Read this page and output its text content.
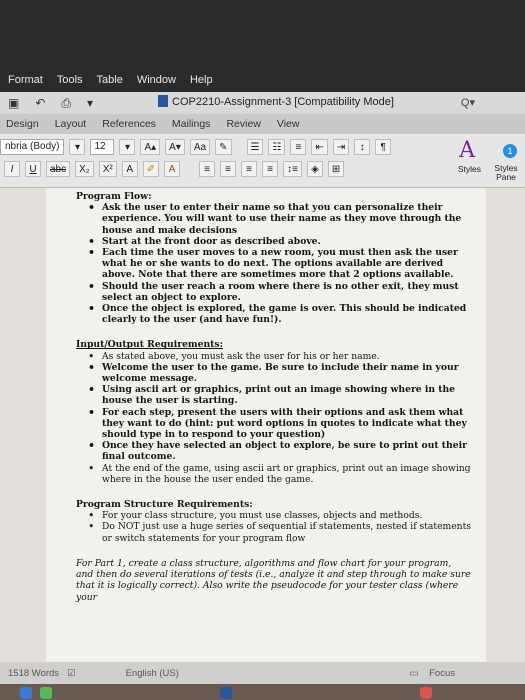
Format Tools Table Window Help
▣ ↶ ⎙ ▾	COP2210-Assignment-3 [Compatibility Mode]	Q▾
Design Layout References Mailings Review View
nbria (Body)	▾	12	▾	A▴	A▾	Aa	✎	☰	☷	≡	⇤	⇥	↕	¶
I	U	abc	X₂	X²	A	✐	A	≡	≡	≡	≡	↕≡	◈	⊞
A	1
Styles	Styles Pane
Program Flow:
• Ask the user to enter their name so that you can personalize their experience. You will want to use their name as they move through the house and make decisions
• Start at the front door as described above.
• Each time the user moves to a new room, you must then ask the user what he or she wants to do next. The options available are derived above. Note that there are sometimes more that 2 options available.
• Should the user reach a room where there is no other exit, they must select an object to explore.
• Once the object is explored, the game is over. This should be indicated clearly to the user (and have fun!).
Input/Output Requirements:
• As stated above, you must ask the user for his or her name.
• Welcome the user to the game. Be sure to include their name in your welcome message.
• Using ascii art or graphics, print out an image showing where in the house the user is starting.
• For each step, present the users with their options and ask them what they want to do (hint: put word options in quotes to indicate what they should type in to respond to your question)
• Once they have selected an object to explore, be sure to print out their final outcome.
• At the end of the game, using ascii art or graphics, print out an image showing where in the house the user ended the game.
Program Structure Requirements:
• For your class structure, you must use classes, objects and methods.
• Do NOT just use a huge series of sequential if statements, nested if statements or switch statements for your program flow
For Part 1, create a class structure, algorithms and flow chart for your program, and then do several iterations of tests (i.e., analyze it and step through to make sure that it is logically correct). Also write the pseudocode for your tester class (where your
1518 Words ☑	English (US)	▭ Focus
